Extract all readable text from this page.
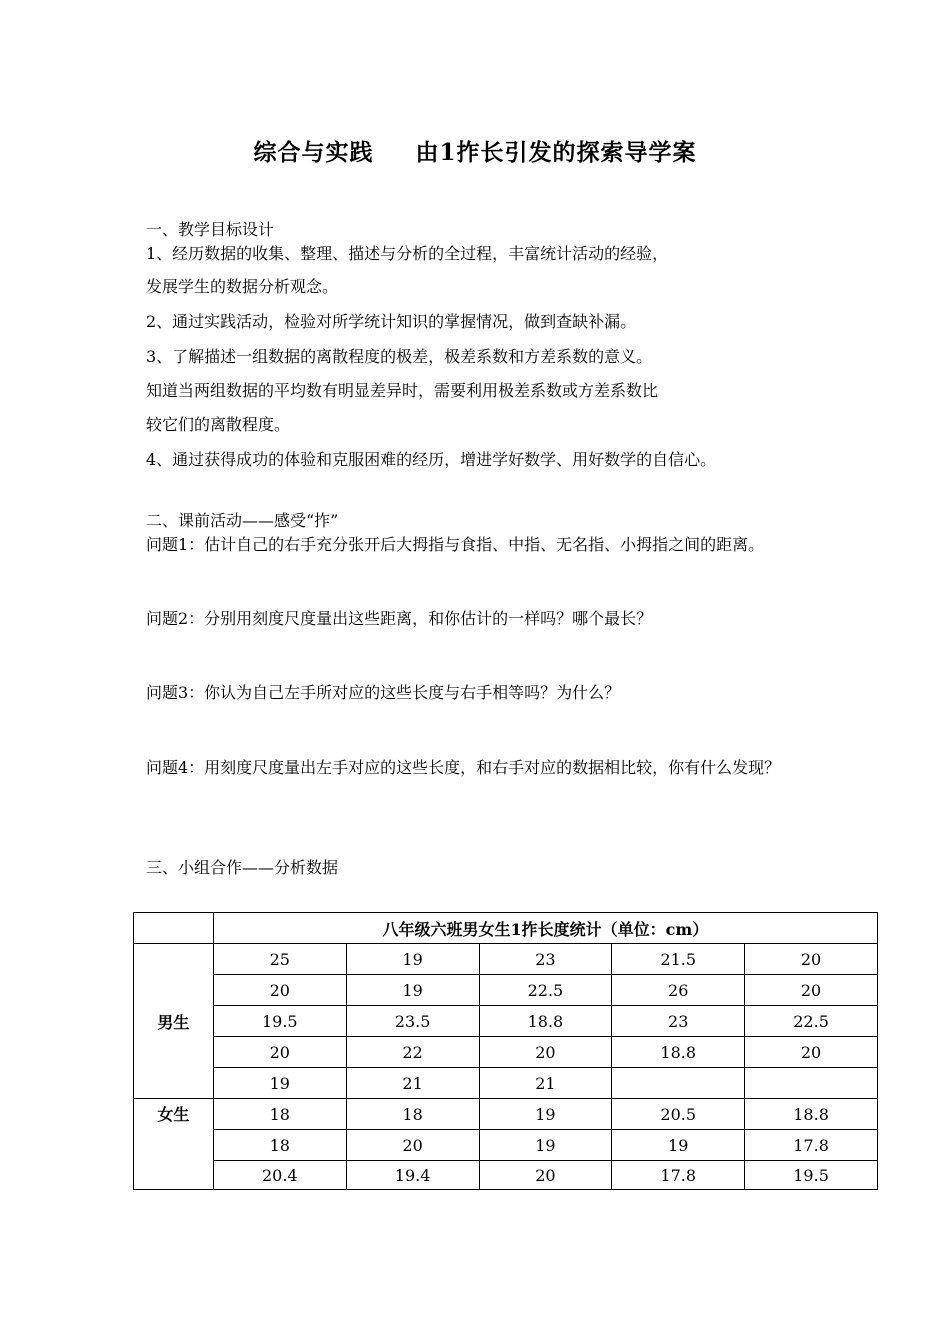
综合与实践 由1拃长引发的探索导学案
一、教学目标设计
1、经历数据的收集、整理、描述与分析的全过程，丰富统计活动的经验，
发展学生的数据分析观念。
2、通过实践活动，检验对所学统计知识的掌握情况，做到查缺补漏。
3、了解描述一组数据的离散程度的极差，极差系数和方差系数的意义。
知道当两组数据的平均数有明显差异时，需要利用极差系数或方差系数比
较它们的离散程度。
4、通过获得成功的体验和克服困难的经历，增进学好数学、用好数学的自信心。
二、课前活动——感受“拃”
问题1：估计自己的右手充分张开后大拇指与食指、中指、无名指、小拇指之间的距离。
问题2：分别用刻度尺度量出这些距离，和你估计的一样吗？哪个最长？
问题3：你认为自己左手所对应的这些长度与右手相等吗？为什么？
问题4：用刻度尺度量出左手对应的这些长度，和右手对应的数据相比较，你有什么发现？
三、小组合作——分析数据
	八年级六班男女生1拃长度统计（单位：cm）				
男生	25	19	23	21.5	20
	20	19	22.5	26	20
	19.5	23.5	18.8	23	22.5
	20	22	20	18.8	20
	19	21	21		
女生	18	18	19	20.5	18.8
	18	20	19	19	17.8
	20.4	19.4	20	17.8	19.5
